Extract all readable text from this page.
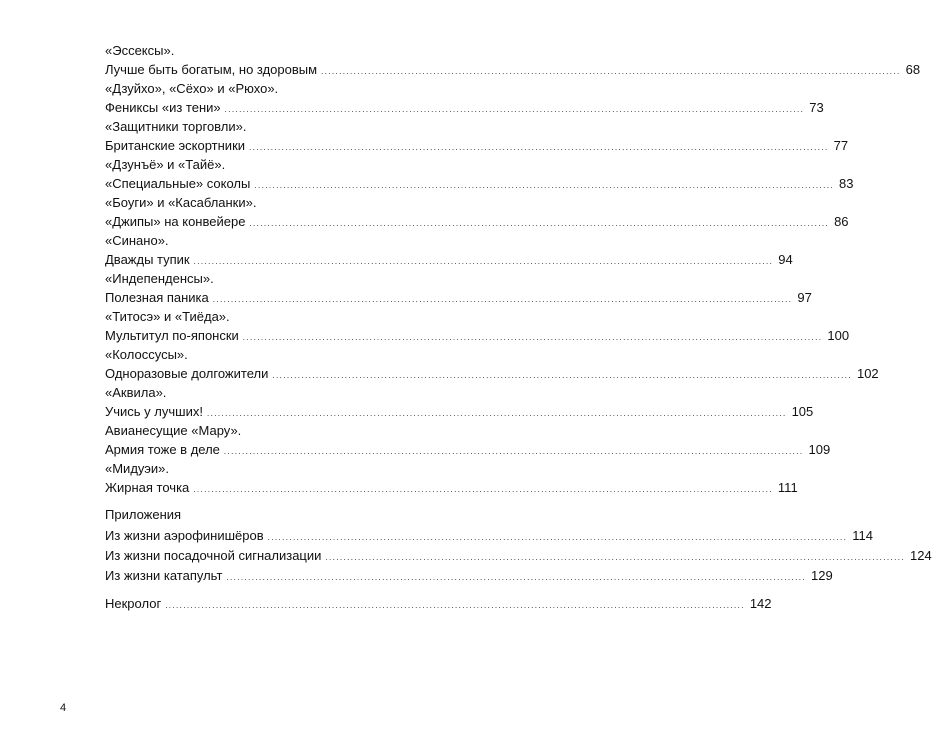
«Эссексы».
Лучше быть богатым, но здоровым ................................................................................................................................................................ 68
«Дзуйхо», «Сёхо» и «Рюхо».
Фениксы «из тени» ................................................................................................................................................................ 73
«Защитники торговли».
Британские эскортники ................................................................................................................................................................ 77
«Дзунъё» и «Тайё».
«Специальные» соколы ................................................................................................................................................................ 83
«Боуги» и «Касабланки».
«Джипы» на конвейере ................................................................................................................................................................ 86
«Синано».
Дважды тупик ................................................................................................................................................................ 94
«Индепенденсы».
Полезная паника ................................................................................................................................................................ 97
«Титосэ» и «Тиёда».
Мультитул по-японски ................................................................................................................................................................ 100
«Колоссусы».
Одноразовые долгожители ................................................................................................................................................................ 102
«Аквила».
Учись у лучших! ................................................................................................................................................................ 105
Авианесущие «Мару».
Армия тоже в деле ................................................................................................................................................................ 109
«Мидуэи».
Жирная точка ................................................................................................................................................................ 111
Приложения
Из жизни аэрофинишёров ................................................................................................................................................................ 114
Из жизни посадочной сигнализации ................................................................................................................................................................ 124
Из жизни катапульт ................................................................................................................................................................ 129
Некролог ................................................................................................................................................................ 142
4
